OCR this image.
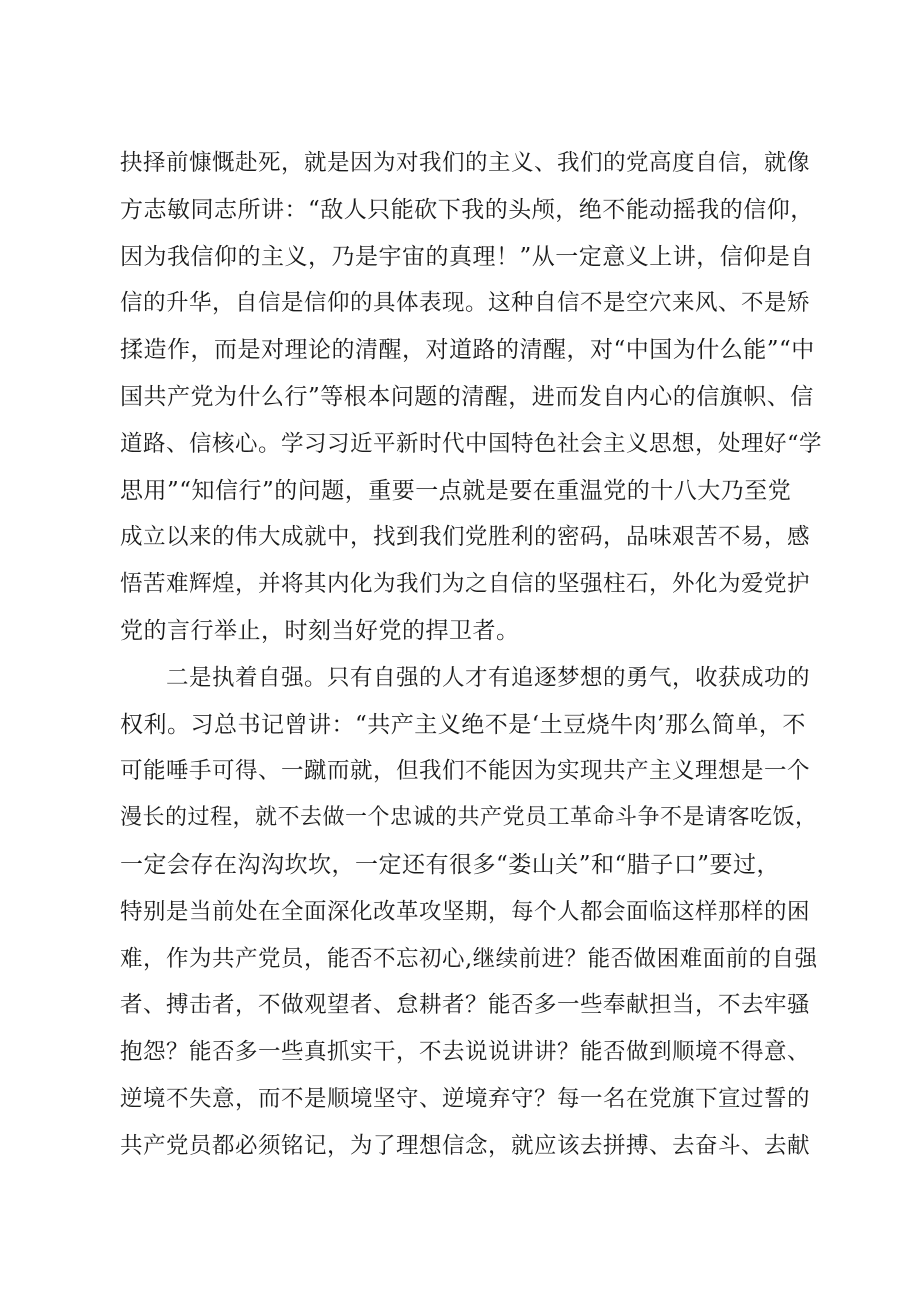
抉择前慷慨赴死，就是因为对我们的主义、我们的党高度自信，就像
方志敏同志所讲：“敌人只能砍下我的头颅，绝不能动摇我的信仰，
因为我信仰的主义，乃是宇宙的真理！”从一定意义上讲，信仰是自
信的升华，自信是信仰的具体表现。这种自信不是空穴来风、不是矫
揉造作，而是对理论的清醒，对道路的清醒，对“中国为什么能”“中
国共产党为什么行”等根本问题的清醒，进而发自内心的信旗帜、信
道路、信核心。学习习近平新时代中国特色社会主义思想，处理好“学
思用”“知信行”的问题，重要一点就是要在重温党的十八大乃至党
成立以来的伟大成就中，找到我们党胜利的密码，品味艰苦不易，感
悟苦难辉煌，并将其内化为我们为之自信的坚强柱石，外化为爱党护
党的言行举止，时刻当好党的捍卫者。
　　二是执着自强。只有自强的人才有追逐梦想的勇气，收获成功的
权利。习总书记曾讲：“共产主义绝不是‘土豆烧牛肉’那么简单，不
可能唾手可得、一蹴而就，但我们不能因为实现共产主义理想是一个
漫长的过程，就不去做一个忠诚的共产党员工革命斗争不是请客吃饭，
一定会存在沟沟坎坎，一定还有很多“娄山关”和“腊子口”要过，
特别是当前处在全面深化改革攻坚期，每个人都会面临这样那样的困
难，作为共产党员，能否不忘初心,继续前进？能否做困难面前的自强
者、搏击者，不做观望者、怠耕者？能否多一些奉献担当，不去牢骚
抱怨？能否多一些真抓实干，不去说说讲讲？能否做到顺境不得意、
逆境不失意，而不是顺境坚守、逆境弃守？每一名在党旗下宣过誓的
共产党员都必须铭记，为了理想信念，就应该去拼搏、去奋斗、去献
